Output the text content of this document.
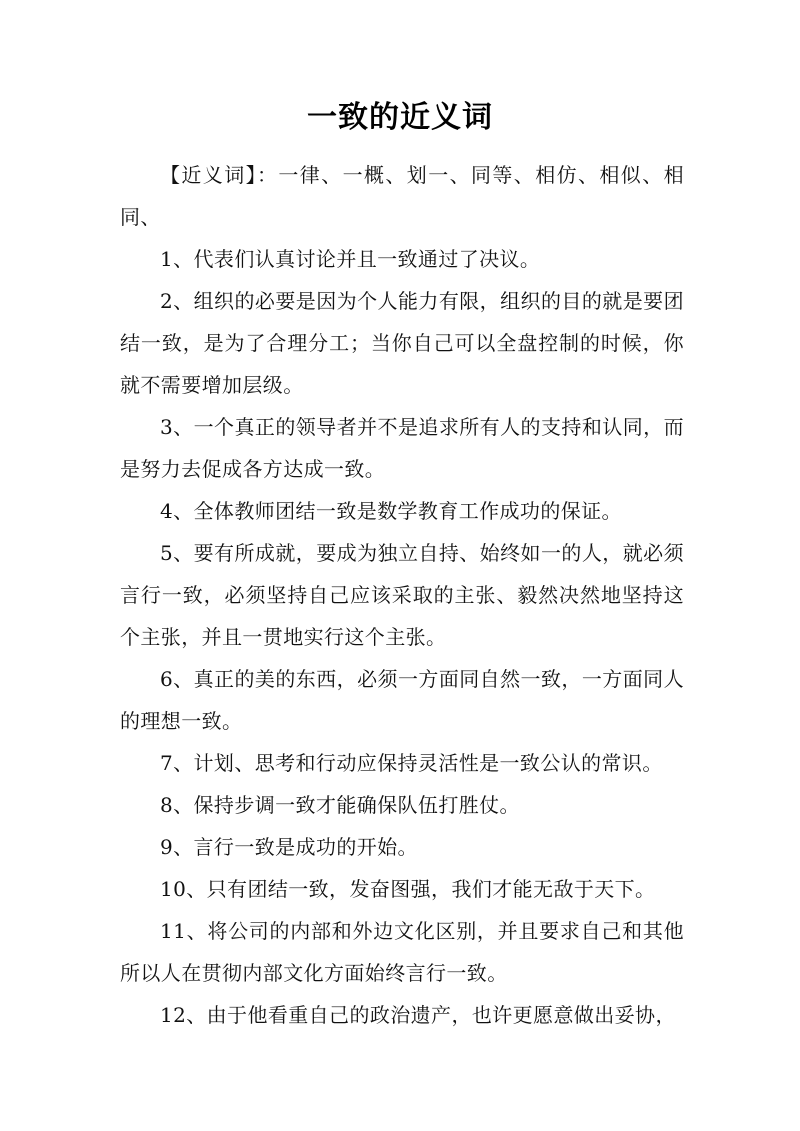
一致的近义词

【近义词】：一律、一概、划一、同等、相仿、相似、相同、

1、代表们认真讨论并且一致通过了决议。

2、组织的必要是因为个人能力有限，组织的目的就是要团结一致，是为了合理分工；当你自己可以全盘控制的时候，你就不需要增加层级。

3、一个真正的领导者并不是追求所有人的支持和认同，而是努力去促成各方达成一致。

4、全体教师团结一致是数学教育工作成功的保证。

5、要有所成就，要成为独立自持、始终如一的人，就必须言行一致，必须坚持自己应该采取的主张、毅然决然地坚持这个主张，并且一贯地实行这个主张。

6、真正的美的东西，必须一方面同自然一致，一方面同人的理想一致。

7、计划、思考和行动应保持灵活性是一致公认的常识。

8、保持步调一致才能确保队伍打胜仗。

9、言行一致是成功的开始。

10、只有团结一致，发奋图强，我们才能无敌于天下。

11、将公司的内部和外边文化区别，并且要求自己和其他所以人在贯彻内部文化方面始终言行一致。

12、由于他看重自己的政治遗产，也许更愿意做出妥协，
